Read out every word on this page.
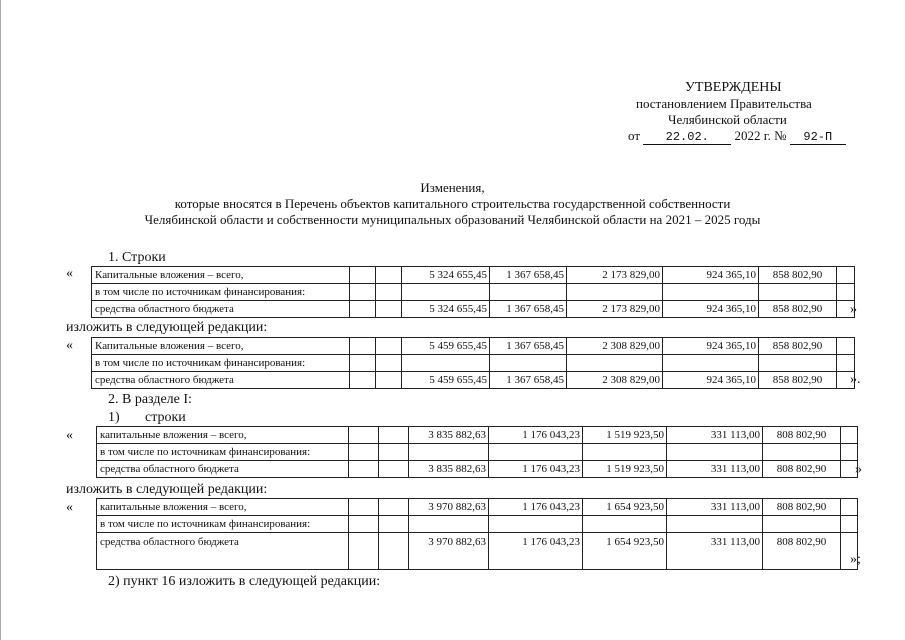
УТВЕРЖДЕНЫ
постановлением Правительства
Челябинской области
от 22.02. 2022 г. № 92-П
Изменения,
которые вносятся в Перечень объектов капитального строительства государственной собственности
Челябинской области и собственности муниципальных образований Челябинской области на 2021 – 2025 годы
1. Строки
« Капитальные вложения – всего,			5 324 655,45	1 367 658,45	2 173 829,00	924 365,10	858 802,90	
в том числе по источникам финансирования:								
средства областного бюджета			5 324 655,45	1 367 658,45	2 173 829,00	924 365,10	858 802,90	»
изложить в следующей редакции:
« Капитальные вложения – всего,			5 459 655,45	1 367 658,45	2 308 829,00	924 365,10	858 802,90	
в том числе по источникам финансирования:								
средства областного бюджета			5 459 655,45	1 367 658,45	2 308 829,00	924 365,10	858 802,90	».
2. В разделе I:
1) строки
« капитальные вложения – всего,			3 835 882,63	1 176 043,23	1 519 923,50	331 113,00	808 802,90	
в том числе по источникам финансирования:								
средства областного бюджета			3 835 882,63	1 176 043,23	1 519 923,50	331 113,00	808 802,90	»
изложить в следующей редакции:
« капитальные вложения – всего,			3 970 882,63	1 176 043,23	1 654 923,50	331 113,00	808 802,90	
в том числе по источникам финансирования:								
средства областного бюджета			3 970 882,63	1 176 043,23	1 654 923,50	331 113,00	808 802,90	
»;
2) пункт 16 изложить в следующей редакции:
